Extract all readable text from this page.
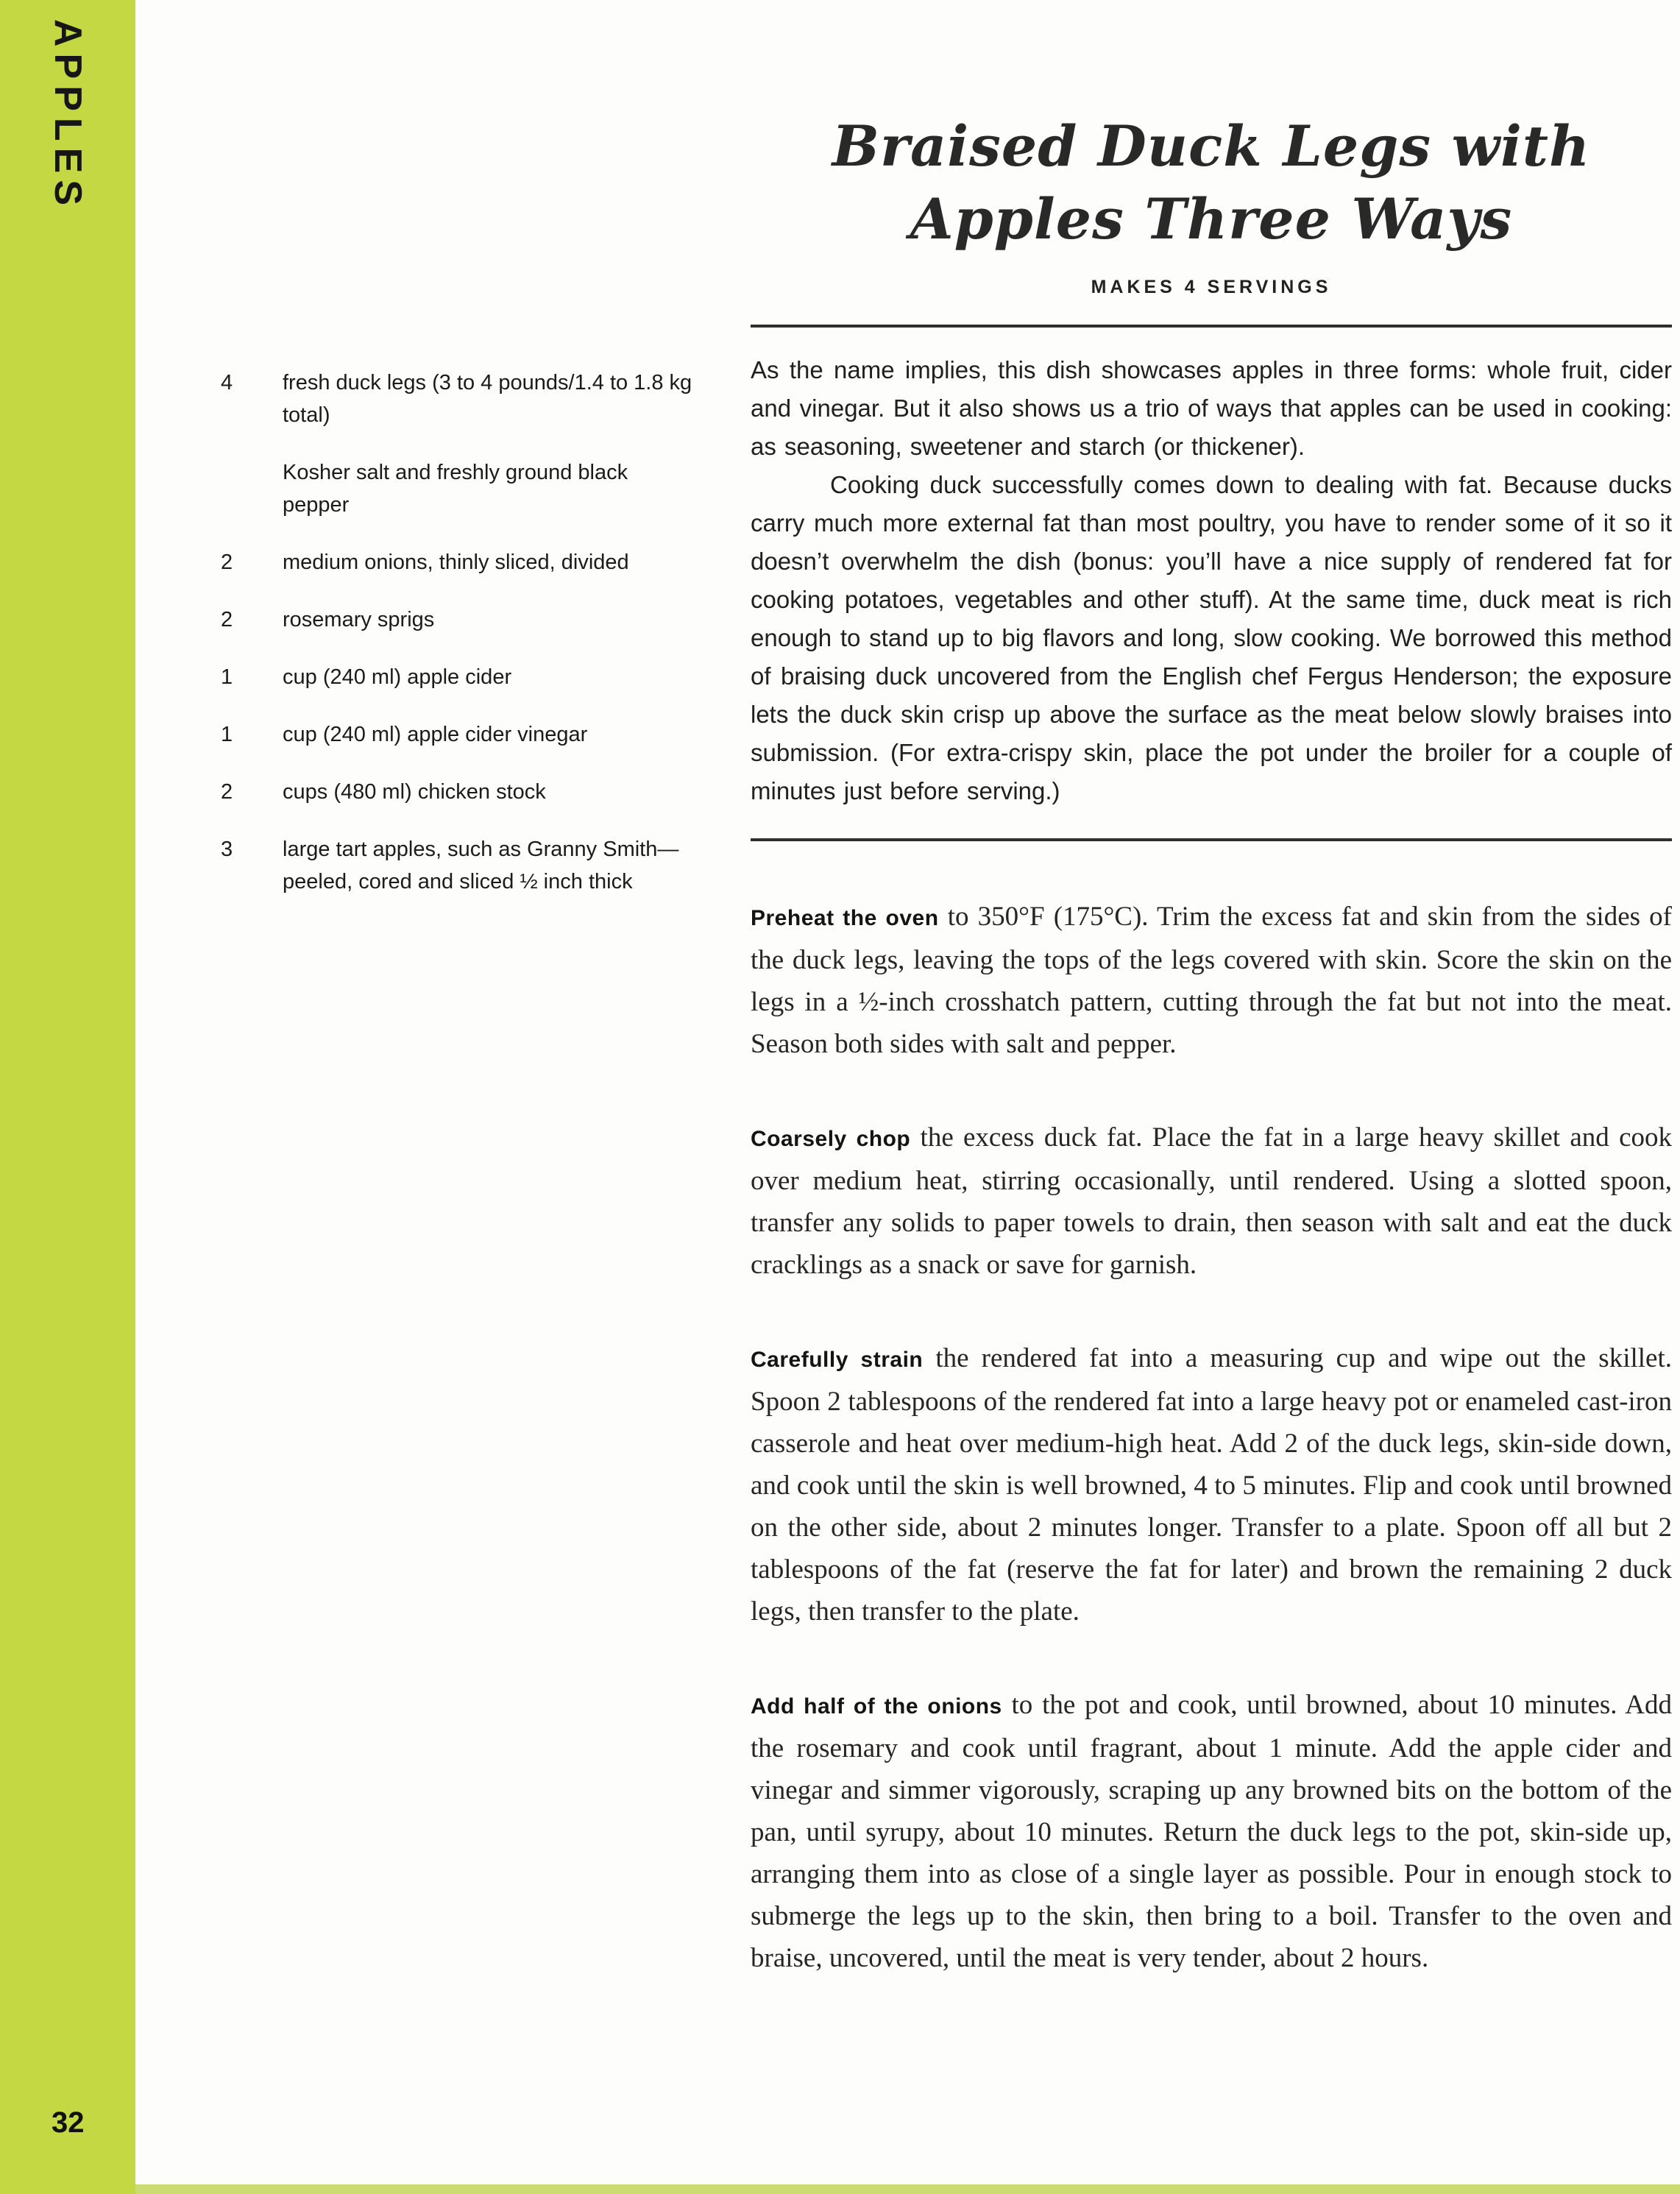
APPLES
32
4	fresh duck legs (3 to 4 pounds/1.4 to 1.8 kg total)
Kosher salt and freshly ground black pepper
2	medium onions, thinly sliced, divided
2	rosemary sprigs
1	cup (240 ml) apple cider
1	cup (240 ml) apple cider vinegar
2	cups (480 ml) chicken stock
3	large tart apples, such as Granny Smith—peeled, cored and sliced ½ inch thick
Braised Duck Legs with
Apples Three Ways
MAKES 4 SERVINGS

As the name implies, this dish showcases apples in three forms: whole fruit, cider and vinegar. But it also shows us a trio of ways that apples can be used in cooking: as seasoning, sweetener and starch (or thickener).

Cooking duck successfully comes down to dealing with fat. Because ducks carry much more external fat than most poultry, you have to render some of it so it doesn’t overwhelm the dish (bonus: you’ll have a nice supply of rendered fat for cooking potatoes, vegetables and other stuff). At the same time, duck meat is rich enough to stand up to big flavors and long, slow cooking. We borrowed this method of braising duck uncovered from the English chef Fergus Henderson; the exposure lets the duck skin crisp up above the surface as the meat below slowly braises into submission. (For extra-crispy skin, place the pot under the broiler for a couple of minutes just before serving.)

Preheat the oven to 350°F (175°C). Trim the excess fat and skin from the sides of the duck legs, leaving the tops of the legs covered with skin. Score the skin on the legs in a ½-inch crosshatch pattern, cutting through the fat but not into the meat. Season both sides with salt and pepper.

Coarsely chop the excess duck fat. Place the fat in a large heavy skillet and cook over medium heat, stirring occasionally, until rendered. Using a slotted spoon, transfer any solids to paper towels to drain, then season with salt and eat the duck cracklings as a snack or save for garnish.

Carefully strain the rendered fat into a measuring cup and wipe out the skillet. Spoon 2 tablespoons of the rendered fat into a large heavy pot or enameled cast-iron casserole and heat over medium-high heat. Add 2 of the duck legs, skin-side down, and cook until the skin is well browned, 4 to 5 minutes. Flip and cook until browned on the other side, about 2 minutes longer. Transfer to a plate. Spoon off all but 2 tablespoons of the fat (reserve the fat for later) and brown the remaining 2 duck legs, then transfer to the plate.

Add half of the onions to the pot and cook, until browned, about 10 minutes. Add the rosemary and cook until fragrant, about 1 minute. Add the apple cider and vinegar and simmer vigorously, scraping up any browned bits on the bottom of the pan, until syrupy, about 10 minutes. Return the duck legs to the pot, skin-side up, arranging them into as close of a single layer as possible. Pour in enough stock to submerge the legs up to the skin, then bring to a boil. Transfer to the oven and braise, uncovered, until the meat is very tender, about 2 hours.
